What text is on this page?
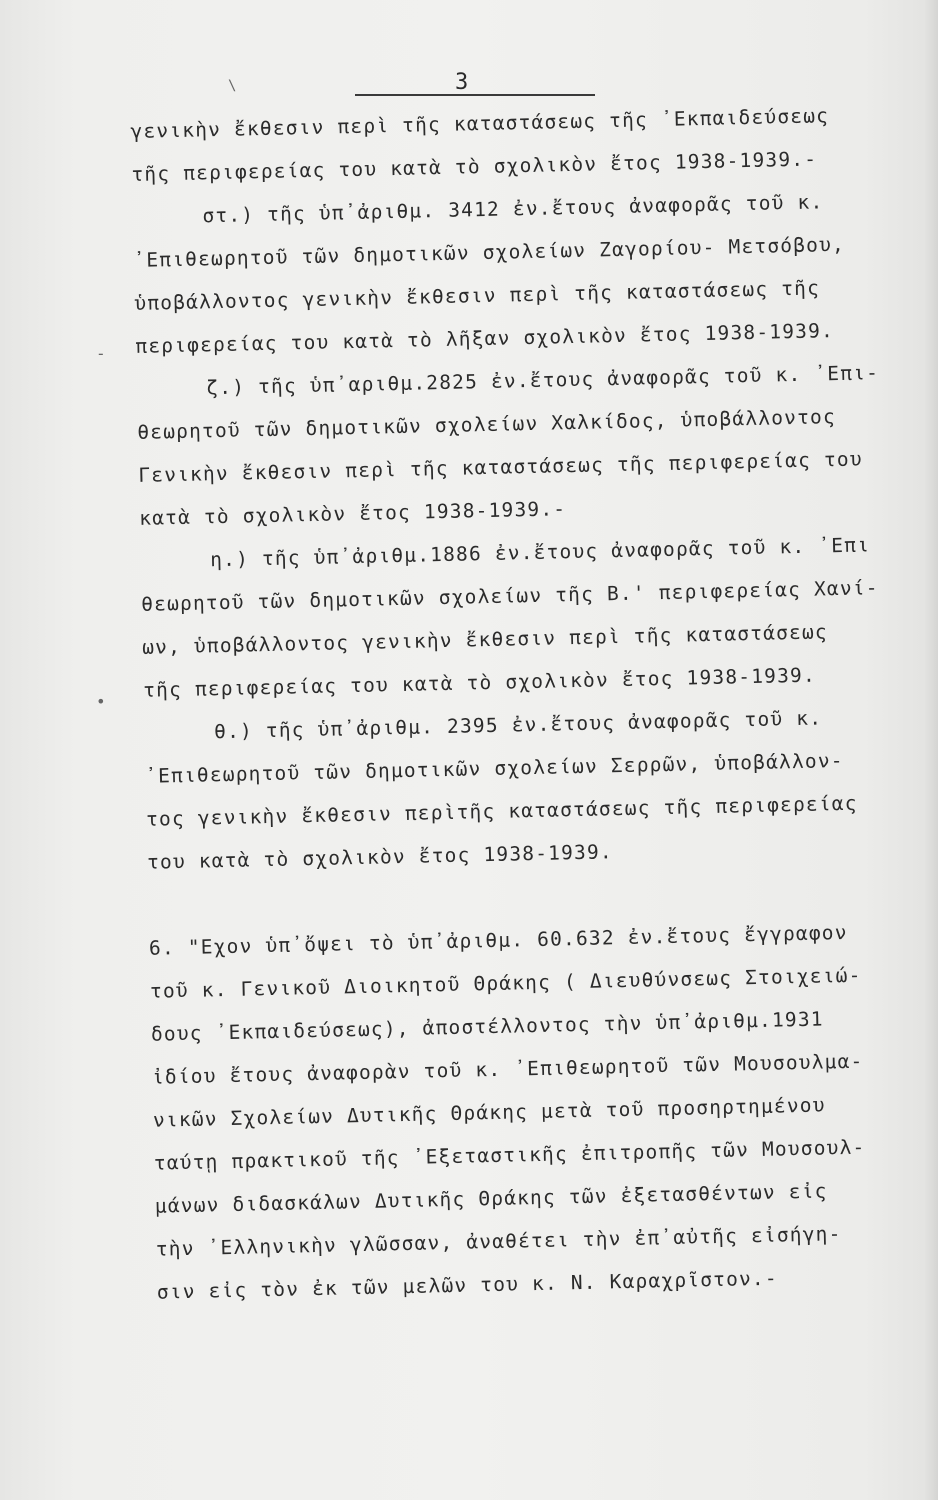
\
-
•
3
γενικὴν ἔκθεσιν περὶ τῆς καταστάσεως τῆς ᾿Εκπαιδεύσεως
τῆς περιφερείας του κατὰ τὸ σχολικὸν ἔτος 1938-1939.-
στ.) τῆς ὑπ᾿ἀριθμ. 3412 ἐν.ἔτους ἀναφορᾶς τοῦ κ.
᾿Επιθεωρητοῦ τῶν δημοτικῶν σχολείων Ζαγορίου- Μετσόβου,
ὑποβάλλοντος γενικὴν ἔκθεσιν περὶ τῆς καταστάσεως τῆς
περιφερείας του κατὰ τὸ λῆξαν σχολικὸν ἔτος 1938-1939.
ζ.) τῆς ὑπ᾿αριθμ.2825 ἐν.ἔτους ἀναφορᾶς τοῦ κ. ᾿Επι-
θεωρητοῦ τῶν δημοτικῶν σχολείων Χαλκίδος, ὑποβάλλοντος
Γενικὴν ἔκθεσιν περὶ τῆς καταστάσεως τῆς περιφερείας του
κατὰ τὸ σχολικὸν ἔτος 1938-1939.-
η.) τῆς ὑπ᾿ἀριθμ.1886 ἐν.ἔτους ἀναφορᾶς τοῦ κ. ᾿Επι
θεωρητοῦ τῶν δημοτικῶν σχολείων τῆς Β.' περιφερείας Χανί-
ων, ὑποβάλλοντος γενικὴν ἔκθεσιν περὶ τῆς καταστάσεως
τῆς περιφερείας του κατὰ τὸ σχολικὸν ἔτος 1938-1939.
θ.) τῆς ὑπ᾿ἀριθμ. 2395 ἐν.ἔτους ἀναφορᾶς τοῦ κ.
᾿Επιθεωρητοῦ τῶν δημοτικῶν σχολείων Σερρῶν, ὑποβάλλον-
τος γενικὴν ἔκθεσιν περὶτῆς καταστάσεως τῆς περιφερείας
του κατὰ τὸ σχολικὸν ἔτος 1938-1939.
6. "Εχον ὑπ᾿ὄψει τὸ ὑπ᾿ἀριθμ. 60.632 ἐν.ἔτους ἔγγραφον
τοῦ κ. Γενικοῦ Διοικητοῦ Θράκης ( Διευθύνσεως Στοιχειώ-
δους ᾿Εκπαιδεύσεως), ἀποστέλλοντος τὴν ὑπ᾿ἀριθμ.1931
ἰδίου ἔτους ἀναφορὰν τοῦ κ. ᾿Επιθεωρητοῦ τῶν Μουσουλμα-
νικῶν Σχολείων Δυτικῆς Θράκης μετὰ τοῦ προσηρτημένου
ταύτῃ πρακτικοῦ τῆς ᾿Εξεταστικῆς ἐπιτροπῆς τῶν Μουσουλ-
μάνων διδασκάλων Δυτικῆς Θράκης τῶν ἐξετασθέντων εἰς
τὴν ᾿Ελληνικὴν γλῶσσαν, ἀναθέτει τὴν ἐπ᾿αὐτῆς εἰσήγη-
σιν εἰς τὸν ἐκ τῶν μελῶν του κ. Ν. Καραχρῖστον.-
